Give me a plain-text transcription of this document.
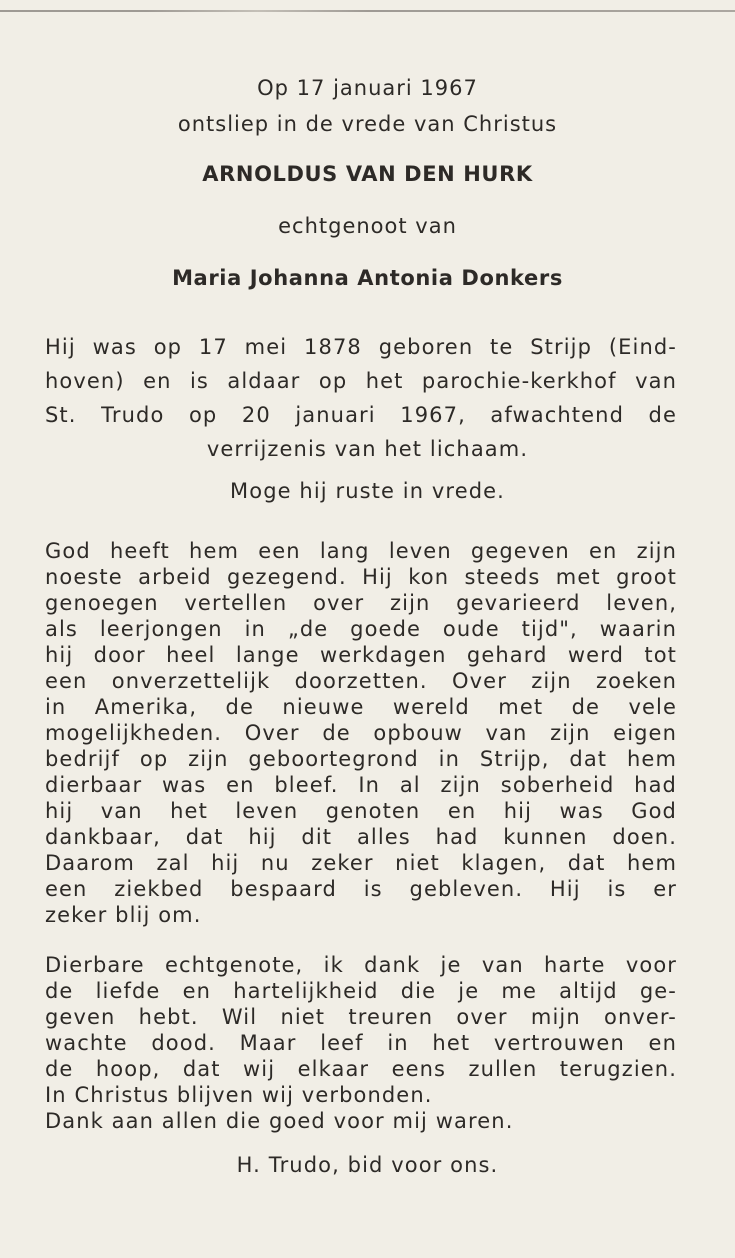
Op 17 januari 1967
ontsliep in de vrede van Christus
ARNOLDUS VAN DEN HURK
echtgenoot van
Maria Johanna Antonia Donkers
Hij was op 17 mei 1878 geboren te Strijp (Eind-
hoven) en is aldaar op het parochie-kerkhof van
St. Trudo op 20 januari 1967, afwachtend de
verrijzenis van het lichaam.
Moge hij ruste in vrede.
God heeft hem een lang leven gegeven en zijn
noeste arbeid gezegend. Hij kon steeds met groot
genoegen vertellen over zijn gevarieerd leven,
als leerjongen in „de goede oude tijd", waarin
hij door heel lange werkdagen gehard werd tot
een onverzettelijk doorzetten. Over zijn zoeken
in Amerika, de nieuwe wereld met de vele
mogelijkheden. Over de opbouw van zijn eigen
bedrijf op zijn geboortegrond in Strijp, dat hem
dierbaar was en bleef. In al zijn soberheid had
hij van het leven genoten en hij was God
dankbaar, dat hij dit alles had kunnen doen.
Daarom zal hij nu zeker niet klagen, dat hem
een ziekbed bespaard is gebleven. Hij is er
zeker blij om.
Dierbare echtgenote, ik dank je van harte voor
de liefde en hartelijkheid die je me altijd ge-
geven hebt. Wil niet treuren over mijn onver-
wachte dood. Maar leef in het vertrouwen en
de hoop, dat wij elkaar eens zullen terugzien.
In Christus blijven wij verbonden.
Dank aan allen die goed voor mij waren.
H. Trudo, bid voor ons.
